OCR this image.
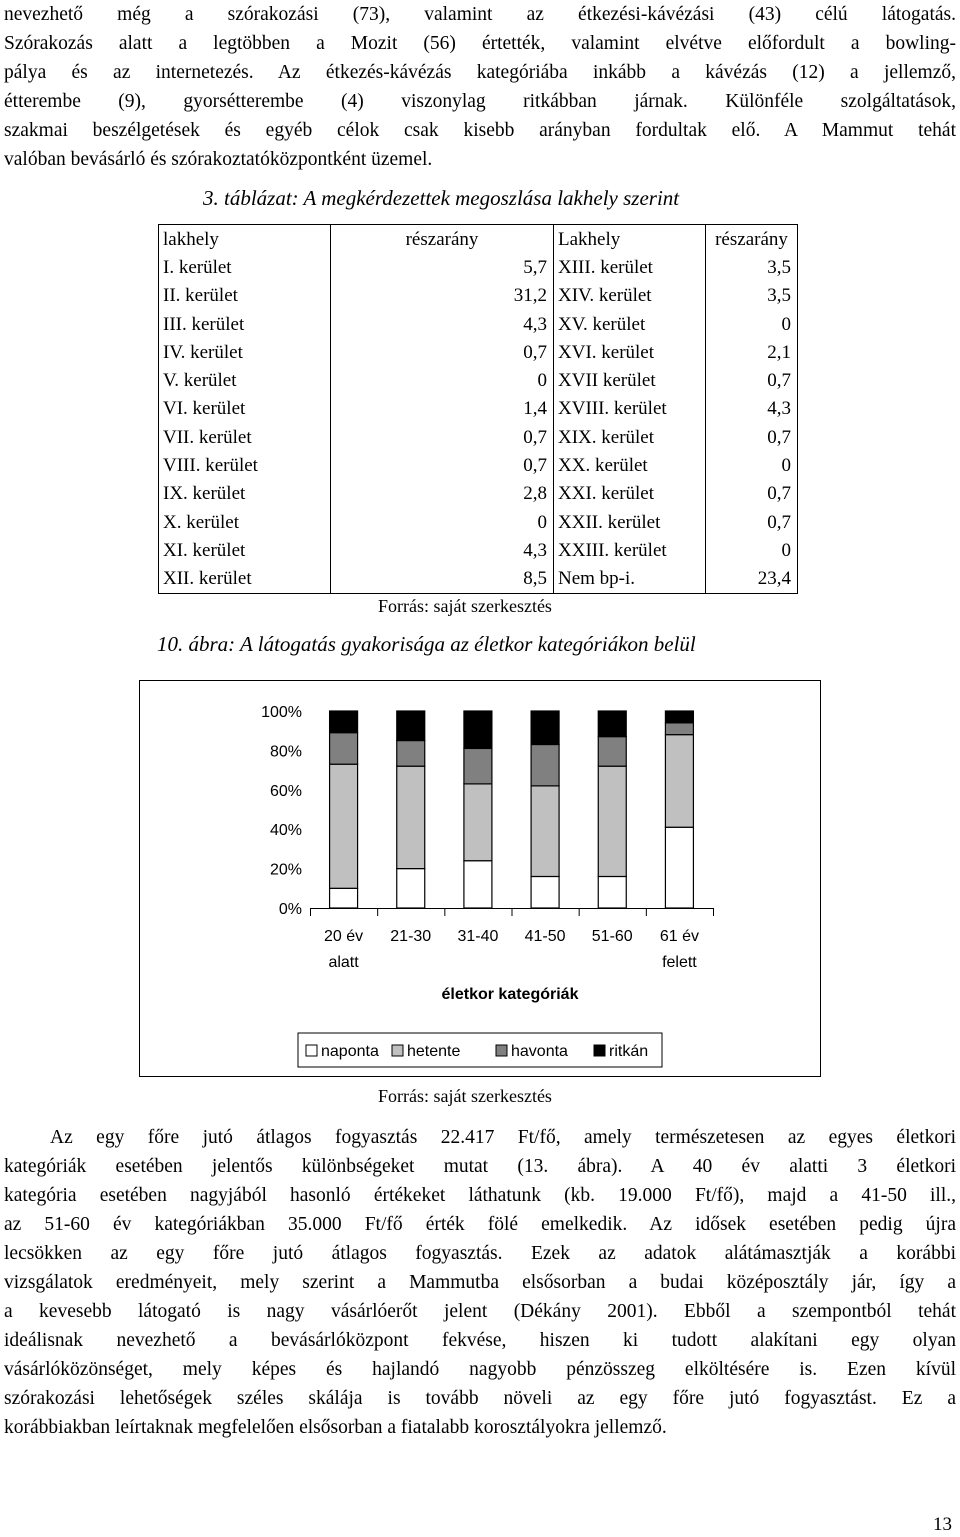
nevezhető még a szórakozási (73), valamint az étkezési-kávézási (43) célú látogatás.
Szórakozás alatt a legtöbben a Mozit (56) értették, valamint elvétve előfordult a bowling-
pálya és az internetezés. Az étkezés-kávézás kategóriába inkább a kávézás (12) a jellemző,
étterembe (9), gyorsétterembe (4) viszonylag ritkábban járnak. Különféle szolgáltatások,
szakmai beszélgetések és egyéb célok csak kisebb arányban fordultak elő. A Mammut tehát
valóban bevásárló és szórakoztatóközpontként üzemel.
3. táblázat: A megkérdezettek megoszlása lakhely szerint
lakhely	részarány	Lakhely	részarány
I. kerület	5,7	XIII. kerület	3,5
II. kerület	31,2	XIV. kerület	3,5
III. kerület	4,3	XV. kerület	0
IV. kerület	0,7	XVI. kerület	2,1
V. kerület	0	XVII kerület	0,7
VI. kerület	1,4	XVIII. kerület	4,3
VII. kerület	0,7	XIX. kerület	0,7
VIII. kerület	0,7	XX. kerület	0
IX. kerület	2,8	XXI. kerület	0,7
X. kerület	0	XXII. kerület	0,7
XI. kerület	4,3	XXIII. kerület	0
XII. kerület	8,5	Nem bp-i.	23,4
Forrás: saját szerkesztés
10. ábra: A látogatás gyakorisága az életkor kategóriákon belül
0%
20%
40%
60%
80%
100%
20 év
alatt
21-30 31-40 41-50 51-60 61 év
felett
életkor kategóriák
naponta hetente	havonta	ritkán
Forrás: saját szerkesztés
Az egy főre jutó átlagos fogyasztás 22.417 Ft/fő, amely természetesen az egyes életkori
kategóriák esetében jelentős különbségeket mutat (13. ábra). A 40 év alatti 3 életkori
kategória esetében nagyjából hasonló értékeket láthatunk (kb. 19.000 Ft/fő), majd a 41-50 ill.,
az 51-60 év kategóriákban 35.000 Ft/fő érték fölé emelkedik. Az idősek esetében pedig újra
lecsökken az egy főre jutó átlagos fogyasztás. Ezek az adatok alátámasztják a korábbi
vizsgálatok eredményeit, mely szerint a Mammutba elsősorban a budai középosztály jár, így a
a kevesebb látogató is nagy vásárlóerőt jelent (Dékány 2001). Ebből a szempontból tehát
ideálisnak nevezhető a bevásárlóközpont fekvése, hiszen ki tudott alakítani egy olyan
vásárlóközönséget, mely képes és hajlandó nagyobb pénzösszeg elköltésére is. Ezen kívül
szórakozási lehetőségek széles skálája is tovább növeli az egy főre jutó fogyasztást. Ez a
korábbiakban leírtaknak megfelelően elsősorban a fiatalabb korosztályokra jellemző.
13
